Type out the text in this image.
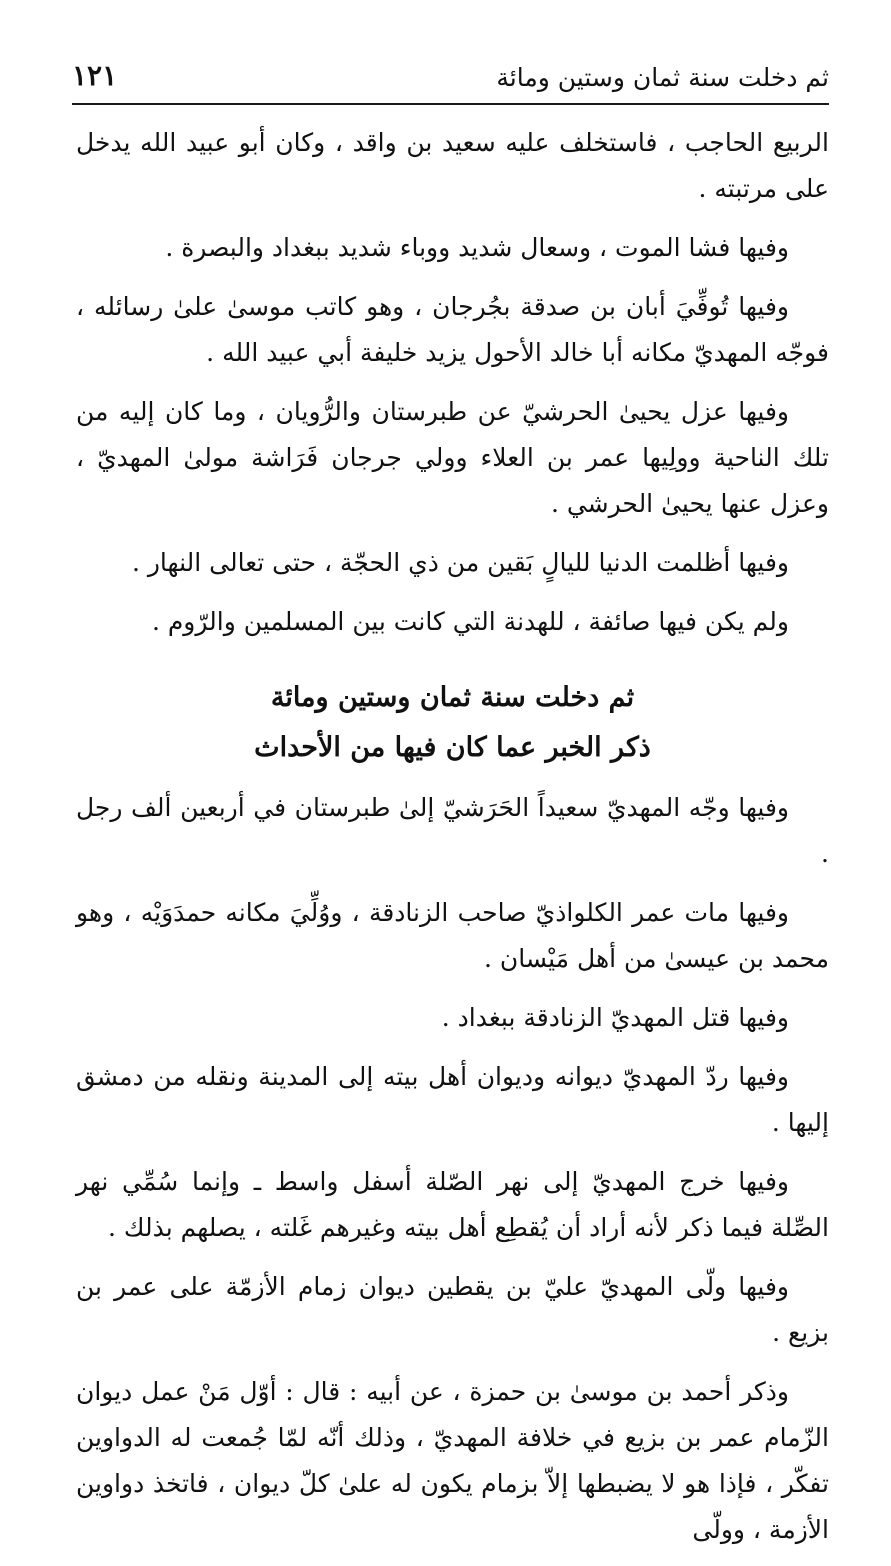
ثم دخلت سنة ثمان وستين ومائة
١٢١

الربيع الحاجب ، فاستخلف عليه سعيد بن واقد ، وكان أبو عبيد الله يدخل على مرتبته .

وفيها فشا الموت ، وسعال شديد ووباء شديد ببغداد والبصرة .

وفيها تُوفِّيَ أبان بن صدقة بجُرجان ، وهو كاتب موسىٰ علىٰ رسائله ، فوجّه المهديّ مكانه أبا خالد الأحول يزيد خليفة أبي عبيد الله .

وفيها عزل يحيىٰ الحرشيّ عن طبرستان والرُّويان ، وما كان إليه من تلك الناحية وولِيها عمر بن العلاء وولي جرجان فَرَاشة مولىٰ المهديّ ، وعزل عنها يحيىٰ الحرشي .

وفيها أظلمت الدنيا لليالٍ بَقين من ذي الحجّة ، حتى تعالى النهار .

ولم يكن فيها صائفة ، للهدنة التي كانت بين المسلمين والرّوم .

ثم دخلت سنة ثمان وستين ومائة
ذكر الخبر عما كان فيها من الأحداث

وفيها وجّه المهديّ سعيداً الحَرَشيّ إلىٰ طبرستان في أربعين ألف رجل .

وفيها مات عمر الكلواذيّ صاحب الزنادقة ، ووُلِّيَ مكانه حمدَوَيْه ، وهو محمد بن عيسىٰ من أهل مَيْسان .

وفيها قتل المهديّ الزنادقة ببغداد .

وفيها ردّ المهديّ ديوانه وديوان أهل بيته إلى المدينة ونقله من دمشق إليها .

وفيها خرج المهديّ إلى نهر الصّلة أسفل واسط ـ وإنما سُمِّي نهر الصِّلة فيما ذكر لأنه أراد أن يُقطِع أهل بيته وغيرهم غَلته ، يصلهم بذلك .

وفيها ولّى المهديّ عليّ بن يقطين ديوان زمام الأزمّة على عمر بن بزيع .

وذكر أحمد بن موسىٰ بن حمزة ، عن أبيه : قال : أوّل مَنْ عمل ديوان الزّمام عمر بن بزيع في خلافة المهديّ ، وذلك أنّه لمّا جُمعت له الدواوين تفكّر ، فإذا هو لا يضبطها إلاّ بزمام يكون له علىٰ كلّ ديوان ، فاتخذ دواوين الأزمة ، وولّى
